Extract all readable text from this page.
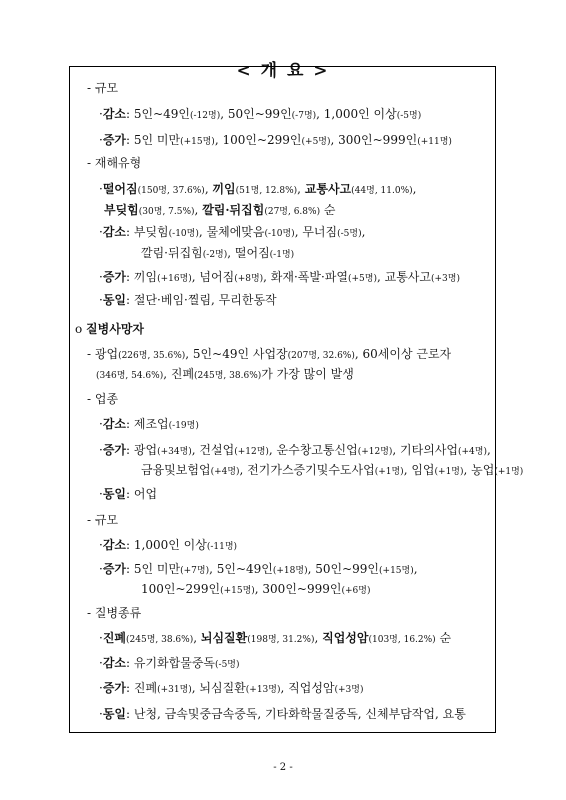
< 개 요 >
- 규모
·감소: 5인~49인(-12명), 50인~99인(-7명), 1,000인 이상(-5명)
·증가: 5인 미만(+15명), 100인~299인(+5명), 300인~999인(+11명)
- 재해유형
·떨어짐(150명, 37.6%), 끼임(51명, 12.8%), 교통사고(44명, 11.0%),
부딪힘(30명, 7.5%), 깔림·뒤집힘(27명, 6.8%) 순
·감소: 부딪힘(-10명), 물체에맞음(-10명), 무너짐(-5명),
깔림·뒤집힘(-2명), 떨어짐(-1명)
·증가: 끼임(+16명), 넘어짐(+8명), 화재·폭발·파열(+5명), 교통사고(+3명)
·동일: 절단·베임·찔림, 무리한동작
o 질병사망자
- 광업(226명, 35.6%), 5인~49인 사업장(207명, 32.6%), 60세이상 근로자
(346명, 54.6%), 진폐(245명, 38.6%)가 가장 많이 발생
- 업종
·감소: 제조업(-19명)
·증가: 광업(+34명), 건설업(+12명), 운수창고통신업(+12명), 기타의사업(+4명),
금융및보험업(+4명), 전기가스증기및수도사업(+1명), 임업(+1명), 농업(+1명)
·동일: 어업
- 규모
·감소: 1,000인 이상(-11명)
·증가: 5인 미만(+7명), 5인~49인(+18명), 50인~99인(+15명),
100인~299인(+15명), 300인~999인(+6명)
- 질병종류
·진폐(245명, 38.6%), 뇌심질환(198명, 31.2%), 직업성암(103명, 16.2%) 순
·감소: 유기화합물중독(-5명)
·증가: 진폐(+31명), 뇌심질환(+13명), 직업성암(+3명)
·동일: 난청, 금속및중금속중독, 기타화학물질중독, 신체부담작업, 요통
- 2 -
